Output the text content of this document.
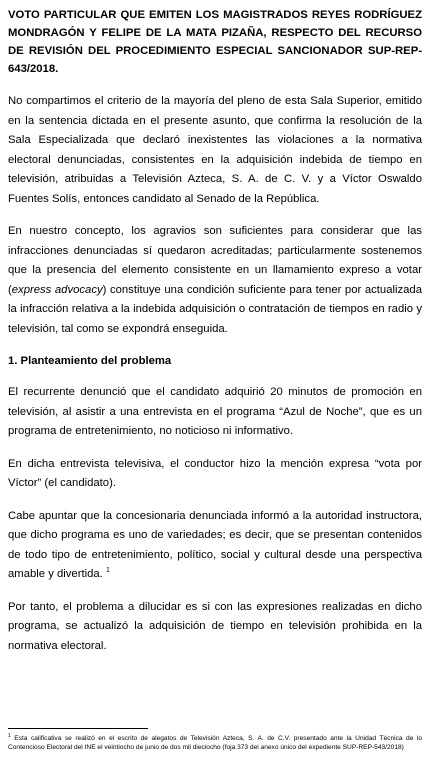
VOTO PARTICULAR QUE EMITEN LOS MAGISTRADOS REYES RODRÍGUEZ MONDRAGÓN Y FELIPE DE LA MATA PIZAÑA, RESPECTO DEL RECURSO DE REVISIÓN DEL PROCEDIMIENTO ESPECIAL SANCIONADOR SUP-REP-643/2018.

No compartimos el criterio de la mayoría del pleno de esta Sala Superior, emitido en la sentencia dictada en el presente asunto, que confirma la resolución de la Sala Especializada que declaró inexistentes las violaciones a la normativa electoral denunciadas, consistentes en la adquisición indebida de tiempo en televisión, atribuidas a Televisión Azteca, S. A. de C. V. y a Víctor Oswaldo Fuentes Solís, entonces candidato al Senado de la República.

En nuestro concepto, los agravios son suficientes para considerar que las infracciones denunciadas sí quedaron acreditadas; particularmente sostenemos que la presencia del elemento consistente en un llamamiento expreso a votar (express advocacy) constituye una condición suficiente para tener por actualizada la infracción relativa a la indebida adquisición o contratación de tiempos en radio y televisión, tal como se expondrá enseguida.

1. Planteamiento del problema

El recurrente denunció que el candidato adquirió 20 minutos de promoción en televisión, al asistir a una entrevista en el programa “Azul de Noche”, que es un programa de entretenimiento, no noticioso ni informativo.

En dicha entrevista televisiva, el conductor hizo la mención expresa “vota por Víctor” (el candidato).

Cabe apuntar que la concesionaria denunciada informó a la autoridad instructora, que dicho programa es uno de variedades; es decir, que se presentan contenidos de todo tipo de entretenimiento, político, social y cultural desde una perspectiva amable y divertida. $^1$

Por tanto, el problema a dilucidar es si con las expresiones realizadas en dicho programa, se actualizó la adquisición de tiempo en televisión prohibida en la normativa electoral.

$^1$ Esta calificativa se realizó en el escrito de alegatos de Televisión Azteca, S. A. de C.V. presentado ante la Unidad Técnica de lo Contencioso Electoral del INE el veintiocho de junio de dos mil dieciocho (foja 373 del anexo único del expediente SUP-REP-543/2018)
